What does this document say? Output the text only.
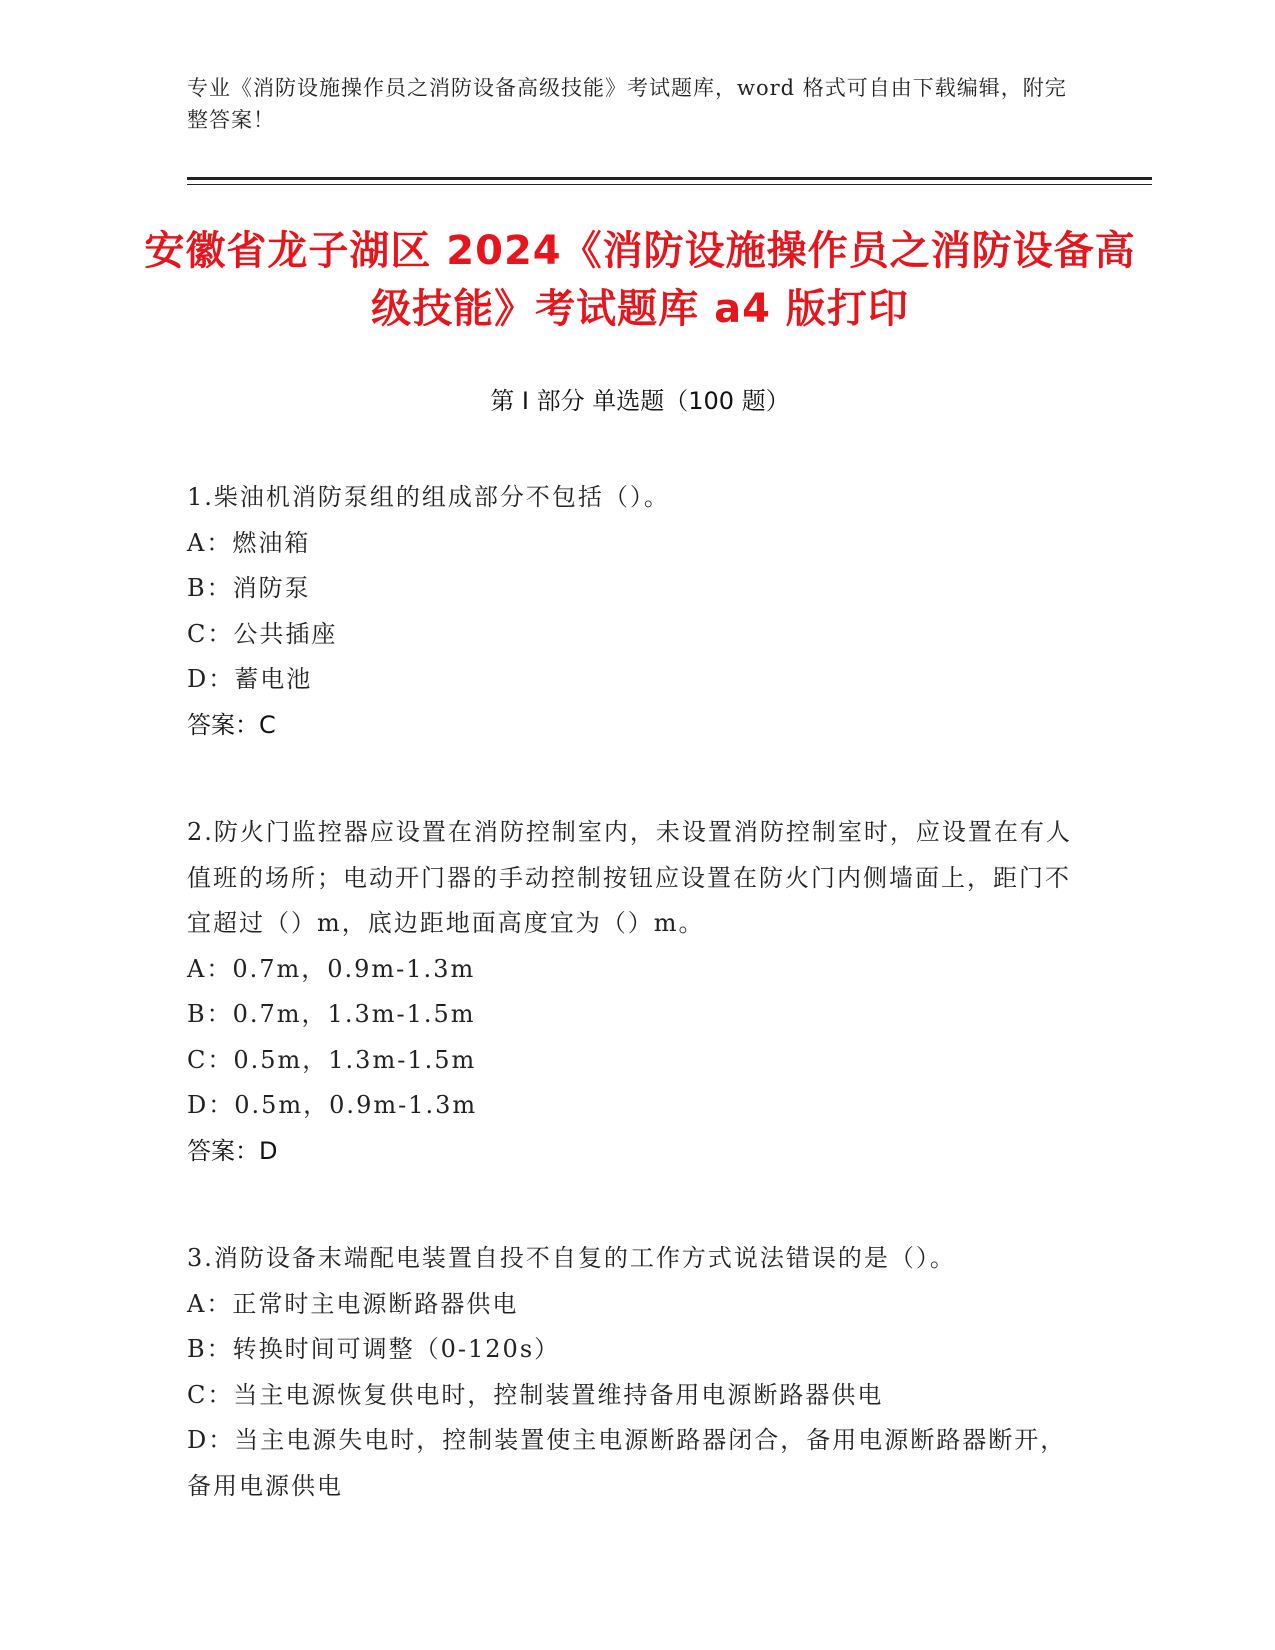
专业《消防设施操作员之消防设备高级技能》考试题库，word 格式可自由下载编辑，附完整答案！
安徽省龙子湖区 2024《消防设施操作员之消防设备高级技能》考试题库 a4 版打印
第 I 部分 单选题（100 题）
1.柴油机消防泵组的组成部分不包括（）。
A：燃油箱
B：消防泵
C：公共插座
D：蓄电池
答案：C
2.防火门监控器应设置在消防控制室内，未设置消防控制室时，应设置在有人值班的场所；电动开门器的手动控制按钮应设置在防火门内侧墙面上，距门不宜超过（）m，底边距地面高度宜为（）m。
A：0.7m，0.9m-1.3m
B：0.7m，1.3m-1.5m
C：0.5m，1.3m-1.5m
D：0.5m，0.9m-1.3m
答案：D
3.消防设备末端配电装置自投不自复的工作方式说法错误的是（）。
A：正常时主电源断路器供电
B：转换时间可调整（0-120s）
C：当主电源恢复供电时，控制装置维持备用电源断路器供电
D：当主电源失电时，控制装置使主电源断路器闭合，备用电源断路器断开，备用电源供电
